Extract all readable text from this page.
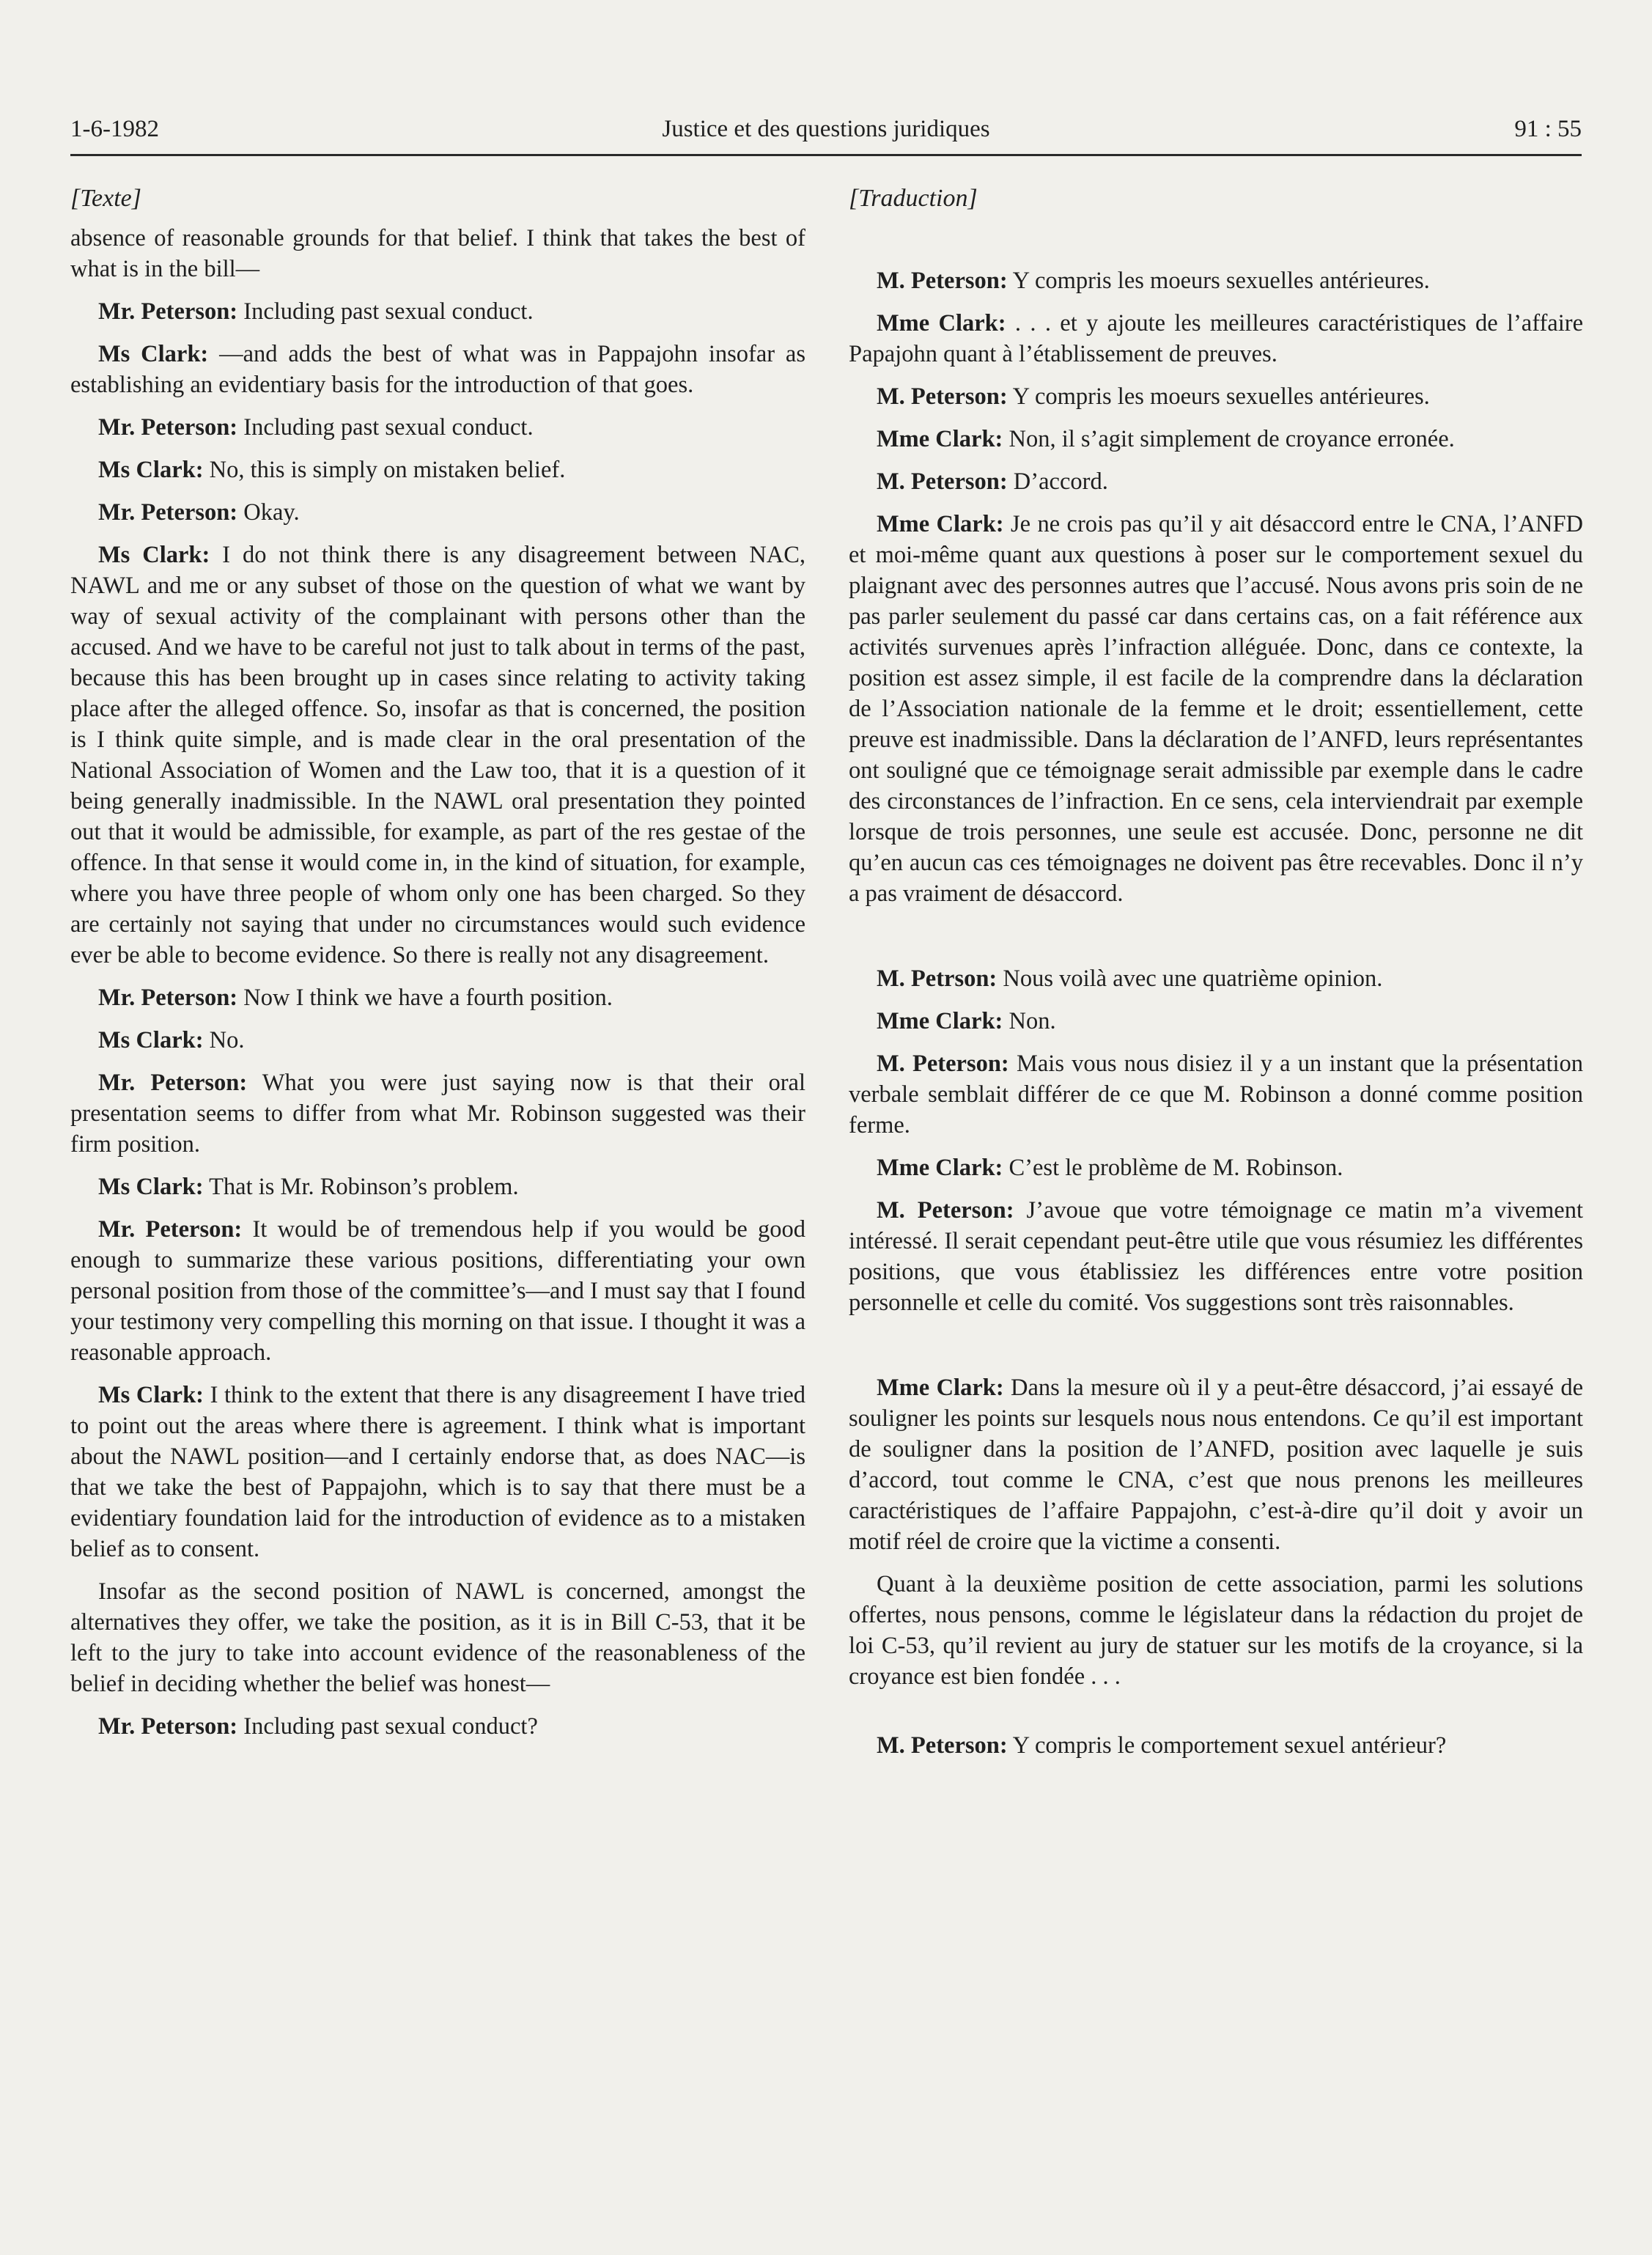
1-6-1982	Justice et des questions juridiques	91 : 55
[Texte]

absence of reasonable grounds for that belief. I think that takes the best of what is in the bill—

Mr. Peterson: Including past sexual conduct.

Ms Clark: —and adds the best of what was in Pappajohn insofar as establishing an evidentiary basis for the introduction of that goes.

Mr. Peterson: Including past sexual conduct.

Ms Clark: No, this is simply on mistaken belief.

Mr. Peterson: Okay.

Ms Clark: I do not think there is any disagreement between NAC, NAWL and me or any subset of those on the question of what we want by way of sexual activity of the complainant with persons other than the accused. And we have to be careful not just to talk about in terms of the past, because this has been brought up in cases since relating to activity taking place after the alleged offence. So, insofar as that is concerned, the position is I think quite simple, and is made clear in the oral presentation of the National Association of Women and the Law too, that it is a question of it being generally inadmissible. In the NAWL oral presentation they pointed out that it would be admissible, for example, as part of the res gestae of the offence. In that sense it would come in, in the kind of situation, for example, where you have three people of whom only one has been charged. So they are certainly not saying that under no circumstances would such evidence ever be able to become evidence. So there is really not any disagreement.

Mr. Peterson: Now I think we have a fourth position.

Ms Clark: No.

Mr. Peterson: What you were just saying now is that their oral presentation seems to differ from what Mr. Robinson suggested was their firm position.

Ms Clark: That is Mr. Robinson’s problem.

Mr. Peterson: It would be of tremendous help if you would be good enough to summarize these various positions, differentiating your own personal position from those of the committee’s—and I must say that I found your testimony very compelling this morning on that issue. I thought it was a reasonable approach.

Ms Clark: I think to the extent that there is any disagreement I have tried to point out the areas where there is agreement. I think what is important about the NAWL position—and I certainly endorse that, as does NAC—is that we take the best of Pappajohn, which is to say that there must be a evidentiary foundation laid for the introduction of evidence as to a mistaken belief as to consent.

Insofar as the second position of NAWL is concerned, amongst the alternatives they offer, we take the position, as it is in Bill C-53, that it be left to the jury to take into account evidence of the reasonableness of the belief in deciding whether the belief was honest—

Mr. Peterson: Including past sexual conduct?

[Traduction]

M. Peterson: Y compris les moeurs sexuelles antérieures.

Mme Clark: . . . et y ajoute les meilleures caractéristiques de l’affaire Papajohn quant à l’établissement de preuves.

M. Peterson: Y compris les moeurs sexuelles antérieures.

Mme Clark: Non, il s’agit simplement de croyance erronée.

M. Peterson: D’accord.

Mme Clark: Je ne crois pas qu’il y ait désaccord entre le CNA, l’ANFD et moi-même quant aux questions à poser sur le comportement sexuel du plaignant avec des personnes autres que l’accusé. Nous avons pris soin de ne pas parler seulement du passé car dans certains cas, on a fait référence aux activités survenues après l’infraction alléguée. Donc, dans ce contexte, la position est assez simple, il est facile de la comprendre dans la déclaration de l’Association nationale de la femme et le droit; essentiellement, cette preuve est inadmissible. Dans la déclaration de l’ANFD, leurs représentantes ont souligné que ce témoignage serait admissible par exemple dans le cadre des circonstances de l’infraction. En ce sens, cela interviendrait par exemple lorsque de trois personnes, une seule est accusée. Donc, personne ne dit qu’en aucun cas ces témoignages ne doivent pas être recevables. Donc il n’y a pas vraiment de désaccord.

M. Petrson: Nous voilà avec une quatrième opinion.

Mme Clark: Non.

M. Peterson: Mais vous nous disiez il y a un instant que la présentation verbale semblait différer de ce que M. Robinson a donné comme position ferme.

Mme Clark: C’est le problème de M. Robinson.

M. Peterson: J’avoue que votre témoignage ce matin m’a vivement intéressé. Il serait cependant peut-être utile que vous résumiez les différentes positions, que vous établissiez les différences entre votre position personnelle et celle du comité. Vos suggestions sont très raisonnables.

Mme Clark: Dans la mesure où il y a peut-être désaccord, j’ai essayé de souligner les points sur lesquels nous nous entendons. Ce qu’il est important de souligner dans la position de l’ANFD, position avec laquelle je suis d’accord, tout comme le CNA, c’est que nous prenons les meilleures caractéristiques de l’affaire Pappajohn, c’est-à-dire qu’il doit y avoir un motif réel de croire que la victime a consenti.

Quant à la deuxième position de cette association, parmi les solutions offertes, nous pensons, comme le législateur dans la rédaction du projet de loi C-53, qu’il revient au jury de statuer sur les motifs de la croyance, si la croyance est bien fondée . . .

M. Peterson: Y compris le comportement sexuel antérieur?
